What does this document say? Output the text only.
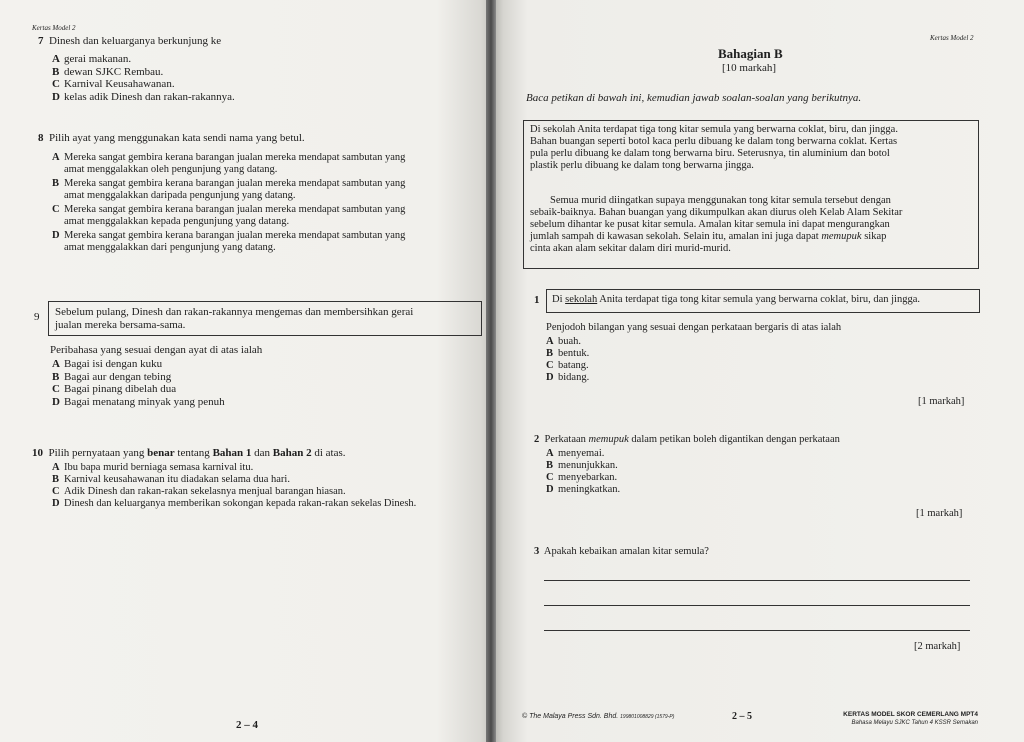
Kertas Model 2
7 Dinesh dan keluarganya berkunjung ke
A gerai makanan.
B dewan SJKC Rembau.
C Karnival Keusahawanan.
D kelas adik Dinesh dan rakan-rakannya.
8 Pilih ayat yang menggunakan kata sendi nama yang betul.
A Mereka sangat gembira kerana barangan jualan mereka mendapat sambutan yang
amat menggalakkan oleh pengunjung yang datang.
B Mereka sangat gembira kerana barangan jualan mereka mendapat sambutan yang
amat menggalakkan daripada pengunjung yang datang.
C Mereka sangat gembira kerana barangan jualan mereka mendapat sambutan yang
amat menggalakkan kepada pengunjung yang datang.
D Mereka sangat gembira kerana barangan jualan mereka mendapat sambutan yang
amat menggalakkan dari pengunjung yang datang.
9 Sebelum pulang, Dinesh dan rakan-rakannya mengemas dan membersihkan gerai
jualan mereka bersama-sama.
Peribahasa yang sesuai dengan ayat di atas ialah
A Bagai isi dengan kuku
B Bagai aur dengan tebing
C Bagai pinang dibelah dua
D Bagai menatang minyak yang penuh
10 Pilih pernyataan yang benar tentang Bahan 1 dan Bahan 2 di atas.
A Ibu bapa murid berniaga semasa karnival itu.
B Karnival keusahawanan itu diadakan selama dua hari.
C Adik Dinesh dan rakan-rakan sekelasnya menjual barangan hiasan.
D Dinesh dan keluarganya memberikan sokongan kepada rakan-rakan sekelas Dinesh.
2 – 4
Kertas Model 2
Bahagian B
[10 markah]
Baca petikan di bawah ini, kemudian jawab soalan-soalan yang berikutnya.
Di sekolah Anita terdapat tiga tong kitar semula yang berwarna coklat, biru, dan jingga.
Bahan buangan seperti botol kaca perlu dibuang ke dalam tong berwarna coklat. Kertas
pula perlu dibuang ke dalam tong berwarna biru. Seterusnya, tin aluminium dan botol
plastik perlu dibuang ke dalam tong berwarna jingga.
Semua murid diingatkan supaya menggunakan tong kitar semula tersebut dengan
sebaik-baiknya. Bahan buangan yang dikumpulkan akan diurus oleh Kelab Alam Sekitar
sebelum dihantar ke pusat kitar semula. Amalan kitar semula ini dapat mengurangkan
jumlah sampah di kawasan sekolah. Selain itu, amalan ini juga dapat memupuk sikap
cinta akan alam sekitar dalam diri murid-murid.
1 Di sekolah Anita terdapat tiga tong kitar semula yang berwarna coklat, biru, dan jingga.
Penjodoh bilangan yang sesuai dengan perkataan bergaris di atas ialah
A buah.
B bentuk.
C batang.
D bidang.
[1 markah]
2 Perkataan memupuk dalam petikan boleh digantikan dengan perkataan
A menyemai.
B menunjukkan.
C menyebarkan.
D meningkatkan.
[1 markah]
3 Apakah kebaikan amalan kitar semula?
[2 markah]
© The Malaya Press Sdn. Bhd. 199801008829 (1579-P)	2 – 5	KERTAS MODEL SKOR CEMERLANG MPT4
Bahasa Melayu SJKC Tahun 4 KSSR Semakan
